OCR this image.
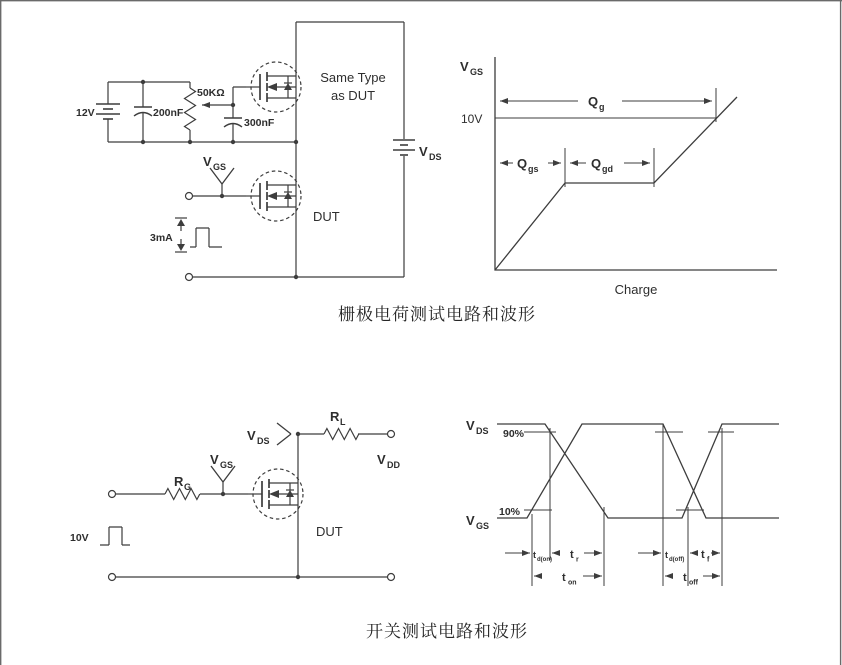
12V	200nF
50KΩ
300nF
V GS
Same Type
as DUT
DUT
3mA
V DS
Q g
Q gs	Q gd
V GS
10V
Charge
栅极电荷测试电路和波形
R G
V GS
DUT
V DS
R L
V DD
10V
V DS
V GS
90%
10%
t d(on) t r
t on
t d(off) t f
t off
开关测试电路和波形
